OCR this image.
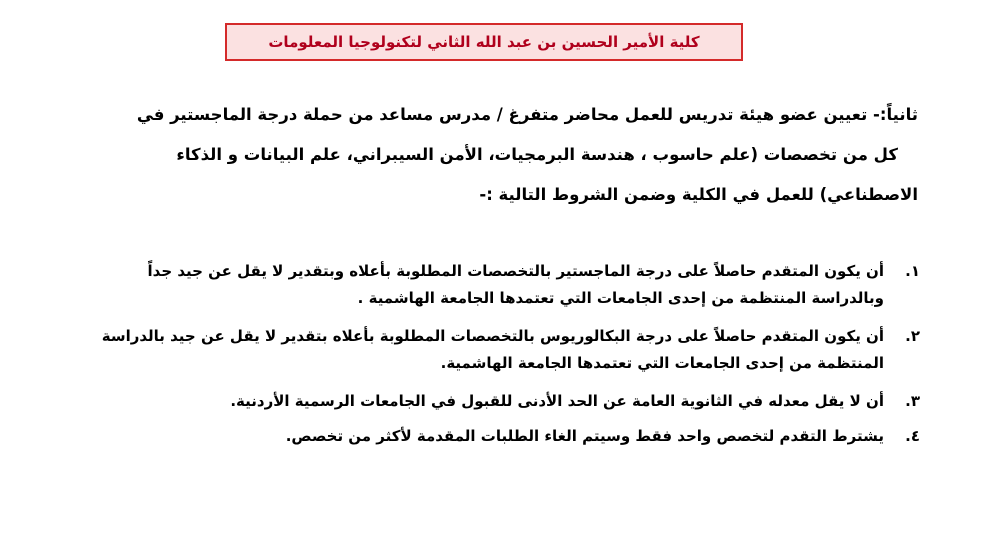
كلية الأمير الحسين بن عبد الله الثاني لتكنولوجيا المعلومات
ثانياً:- تعيين عضو هيئة تدريس للعمل محاضر متفرغ / مدرس مساعد من حملة درجة الماجستير في
كل من تخصصات (علم حاسوب ، هندسة البرمجيات، الأمن السيبراني، علم البيانات و الذكاء
الاصطناعي) للعمل في الكلية وضمن الشروط التالية :-
١.
أن يكون المتقدم حاصلاً على درجة الماجستير بالتخصصات المطلوبة بأعلاه وبتقدير لا يقل عن جيد جداً
وبالدراسة المنتظمة من إحدى الجامعات التي تعتمدها الجامعة الهاشمية .
٢.
أن يكون المتقدم حاصلاً على درجة البكالوريوس بالتخصصات المطلوبة بأعلاه بتقدير لا يقل عن جيد بالدراسة
المنتظمة من إحدى الجامعات التي تعتمدها الجامعة الهاشمية.
٣.
أن لا يقل معدله في الثانوية العامة عن الحد الأدنى للقبول في الجامعات الرسمية الأردنية.
٤.
يشترط التقدم لتخصص واحد فقط وسيتم الغاء الطلبات المقدمة لأكثر من تخصص.
